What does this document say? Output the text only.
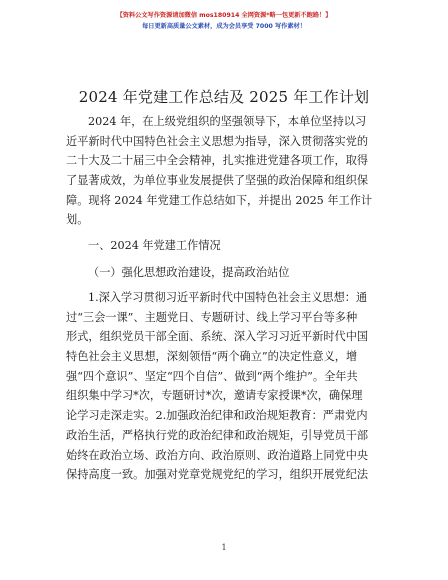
【资料公文写作资源请加微信 mos180914 全网资源*略一包更新不跑路！】
每日更新高质量公文素材，成为会员享受 7000 写作素材！
2024 年党建工作总结及 2025 年工作计划
2024 年，在上级党组织的坚强领导下，本单位坚持以习
近平新时代中国特色社会主义思想为指导，深入贯彻落实党的
二十大及二十届三中全会精神，扎实推进党建各项工作，取得
了显著成效，为单位事业发展提供了坚强的政治保障和组织保
障。现将 2024 年党建工作总结如下，并提出 2025 年工作计
划。
一、2024 年党建工作情况
（一）强化思想政治建设，提高政治站位
1.深入学习贯彻习近平新时代中国特色社会主义思想：通
过“三会一课”、主题党日、专题研讨、线上学习平台等多种
形式，组织党员干部全面、系统、深入学习习近平新时代中国
特色社会主义思想，深刻领悟“两个确立”的决定性意义，增
强“四个意识”、坚定“四个自信”、做到“两个维护”。全年共
组织集中学习*次，专题研讨*次，邀请专家授课*次，确保理
论学习走深走实。2.加强政治纪律和政治规矩教育：严肃党内
政治生活，严格执行党的政治纪律和政治规矩，引导党员干部
始终在政治立场、政治方向、政治原则、政治道路上同党中央
保持高度一致。加强对党章党规党纪的学习，组织开展党纪法
1
